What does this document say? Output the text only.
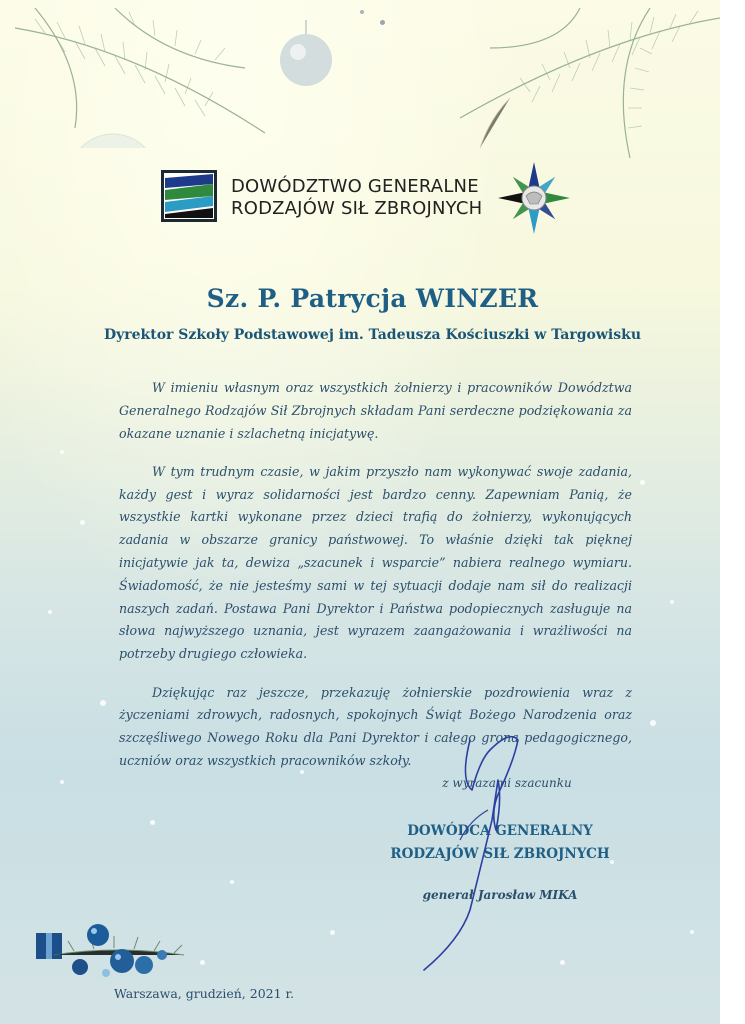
DOWÓDZTWO GENERALNE
RODZAJÓW SIŁ ZBROJNYCH
Sz. P. Patrycja WINZER
Dyrektor Szkoły Podstawowej im. Tadeusza Kościuszki w Targowisku

W imieniu własnym oraz wszystkich żołnierzy i pracowników Dowództwa Generalnego Rodzajów Sił Zbrojnych składam Pani serdeczne podziękowania za okazane uznanie i szlachetną inicjatywę.

W tym trudnym czasie, w jakim przyszło nam wykonywać swoje zadania, każdy gest i wyraz solidarności jest bardzo cenny. Zapewniam Panią, że wszystkie kartki wykonane przez dzieci trafią do żołnierzy, wykonujących zadania w obszarze granicy państwowej. To właśnie dzięki tak pięknej inicjatywie jak ta, dewiza „szacunek i wsparcie” nabiera realnego wymiaru. Świadomość, że nie jesteśmy sami w tej sytuacji dodaje nam sił do realizacji naszych zadań. Postawa Pani Dyrektor i Państwa podopiecznych zasługuje na słowa najwyższego uznania, jest wyrazem zaangażowania i wrażliwości na potrzeby drugiego człowieka.

Dziękując raz jeszcze, przekazuję żołnierskie pozdrowienia wraz z życzeniami zdrowych, radosnych, spokojnych Świąt Bożego Narodzenia oraz szczęśliwego Nowego Roku dla Pani Dyrektor i całego grona pedagogicznego, uczniów oraz wszystkich pracowników szkoły.

z wyrazami szacunku
DOWÓDCA GENERALNY
RODZAJÓW SIŁ ZBROJNYCH
generał Jarosław MIKA
Warszawa, grudzień, 2021 r.
